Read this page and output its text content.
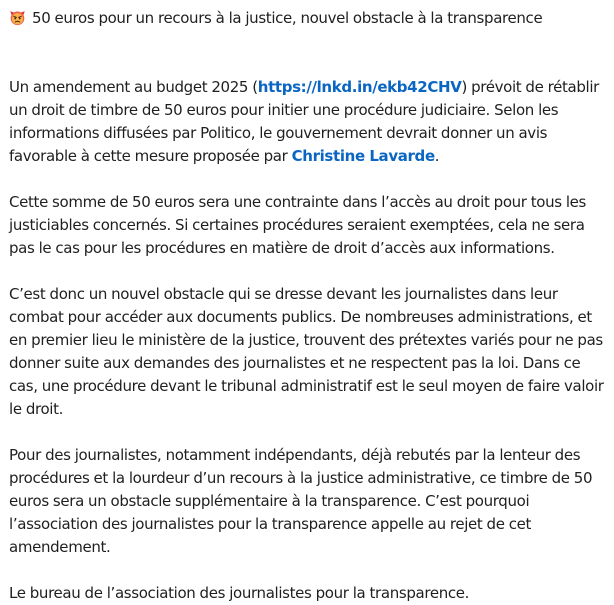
50 euros pour un recours à la justice, nouvel obstacle à la transparence

Un amendement au budget 2025 (https://lnkd.in/ekb42CHV) prévoit de rétablir un droit de timbre de 50 euros pour initier une procédure judiciaire. Selon les informations diffusées par Politico, le gouvernement devrait donner un avis favorable à cette mesure proposée par Christine Lavarde.

Cette somme de 50 euros sera une contrainte dans l’accès au droit pour tous les justiciables concernés. Si certaines procédures seraient exemptées, cela ne sera pas le cas pour les procédures en matière de droit d’accès aux informations.

C’est donc un nouvel obstacle qui se dresse devant les journalistes dans leur combat pour accéder aux documents publics. De nombreuses administrations, et en premier lieu le ministère de la justice, trouvent des prétextes variés pour ne pas donner suite aux demandes des journalistes et ne respectent pas la loi. Dans ce cas, une procédure devant le tribunal administratif est le seul moyen de faire valoir le droit.

Pour des journalistes, notamment indépendants, déjà rebutés par la lenteur des procédures et la lourdeur d’un recours à la justice administrative, ce timbre de 50 euros sera un obstacle supplémentaire à la transparence. C’est pourquoi l’association des journalistes pour la transparence appelle au rejet de cet amendement.

Le bureau de l’association des journalistes pour la transparence.
